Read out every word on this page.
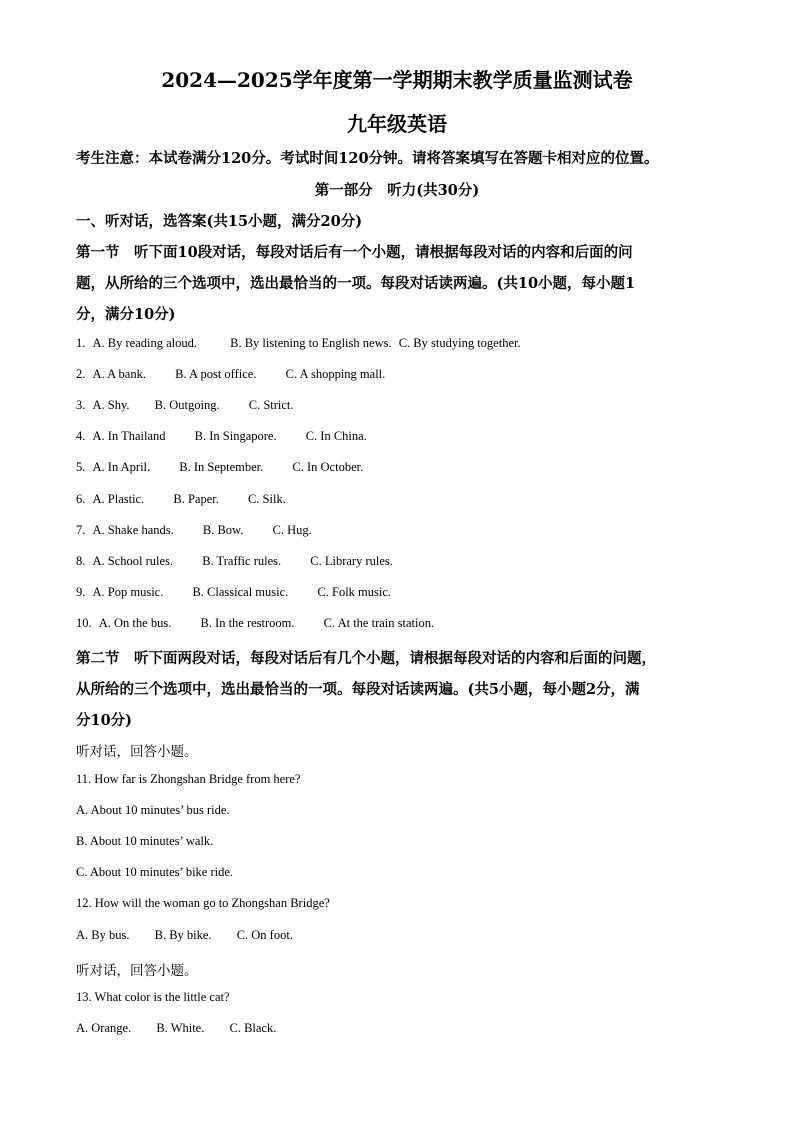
2024—2025学年度第一学期期末教学质量监测试卷
九年级英语
考生注意：本试卷满分120分。考试时间120分钟。请将答案填写在答题卡相对应的位置。
第一部分　听力(共30分)
一、听对话，选答案(共15小题，满分20分)
第一节　听下面10段对话，每段对话后有一个小题，请根据每段对话的内容和后面的问
题，从所给的三个选项中，选出最恰当的一项。每段对话读两遍。(共10小题，每小题1
分，满分10分)
1. A. By reading aloud.	B. By listening to English news. C. By studying together.
2. A. A bank. B. A post office. C. A shopping mall.
3. A. Shy. B. Outgoing. C. Strict.
4. A. In Thailand B. In Singapore. C. In China.
5. A. In April. B. In September. C. In October.
6. A. Plastic. B. Paper. C. Silk.
7. A. Shake hands. B. Bow. C. Hug.
8. A. School rules. B. Traffic rules. C. Library rules.
9. A. Pop music. B. Classical music. C. Folk music.
10. A. On the bus. B. In the restroom. C. At the train station.
第二节　听下面两段对话，每段对话后有几个小题，请根据每段对话的内容和后面的问题，
从所给的三个选项中，选出最恰当的一项。每段对话读两遍。(共5小题，每小题2分，满
分10分)
听对话，回答小题。
11. How far is Zhongshan Bridge from here?
A. About 10 minutes’ bus ride.
B. About 10 minutes’ walk.
C. About 10 minutes’ bike ride.
12. How will the woman go to Zhongshan Bridge?
A. By bus. B. By bike. C. On foot.
听对话，回答小题。
13. What color is the little cat?
A. Orange. B. White. C. Black.
